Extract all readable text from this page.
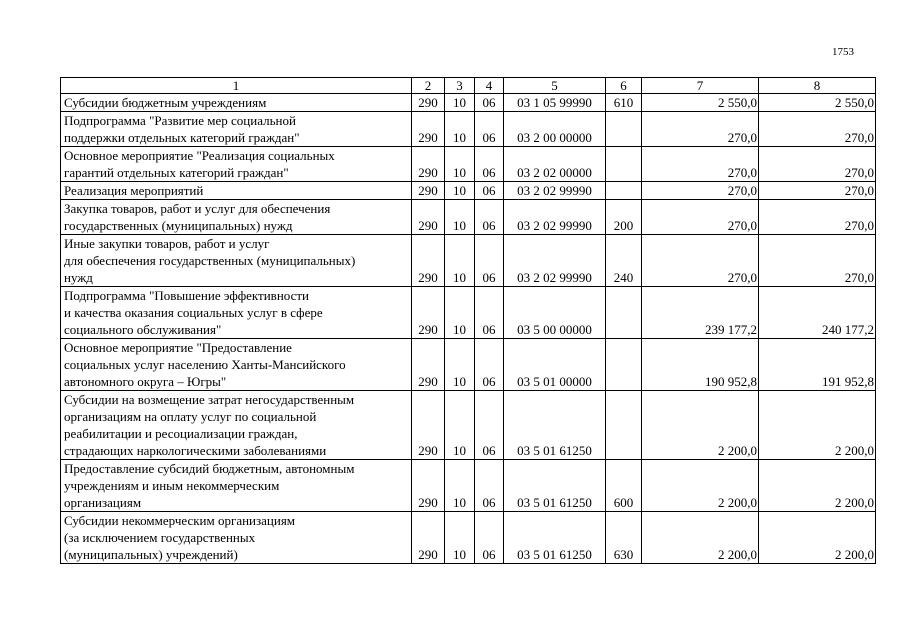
1753
1	2	3	4	5	6	7	8
Субсидии бюджетным учреждениям	290	10	06	03 1 05 99990	610	2 550,0	2 550,0
Подпрограмма "Развитие мер социальной
поддержки отдельных категорий граждан"	290	10	06	03 2 00 00000		270,0	270,0
Основное мероприятие "Реализация социальных
гарантий отдельных категорий граждан"	290	10	06	03 2 02 00000		270,0	270,0
Реализация мероприятий	290	10	06	03 2 02 99990		270,0	270,0
Закупка товаров, работ и услуг для обеспечения
государственных (муниципальных) нужд	290	10	06	03 2 02 99990	200	270,0	270,0
Иные закупки товаров, работ и услуг
для обеспечения государственных (муниципальных)
нужд	290	10	06	03 2 02 99990	240	270,0	270,0
Подпрограмма "Повышение эффективности
и качества оказания социальных услуг в сфере
социального обслуживания"	290	10	06	03 5 00 00000		239 177,2	240 177,2
Основное мероприятие "Предоставление
социальных услуг населению Ханты-Мансийского
автономного округа – Югры"	290	10	06	03 5 01 00000		190 952,8	191 952,8
Субсидии на возмещение затрат негосударственным
организациям на оплату услуг по социальной
реабилитации и ресоциализации граждан,
страдающих наркологическими заболеваниями	290	10	06	03 5 01 61250		2 200,0	2 200,0
Предоставление субсидий бюджетным, автономным
учреждениям и иным некоммерческим
организациям	290	10	06	03 5 01 61250	600	2 200,0	2 200,0
Субсидии некоммерческим организациям
(за исключением государственных
(муниципальных) учреждений)	290	10	06	03 5 01 61250	630	2 200,0	2 200,0
